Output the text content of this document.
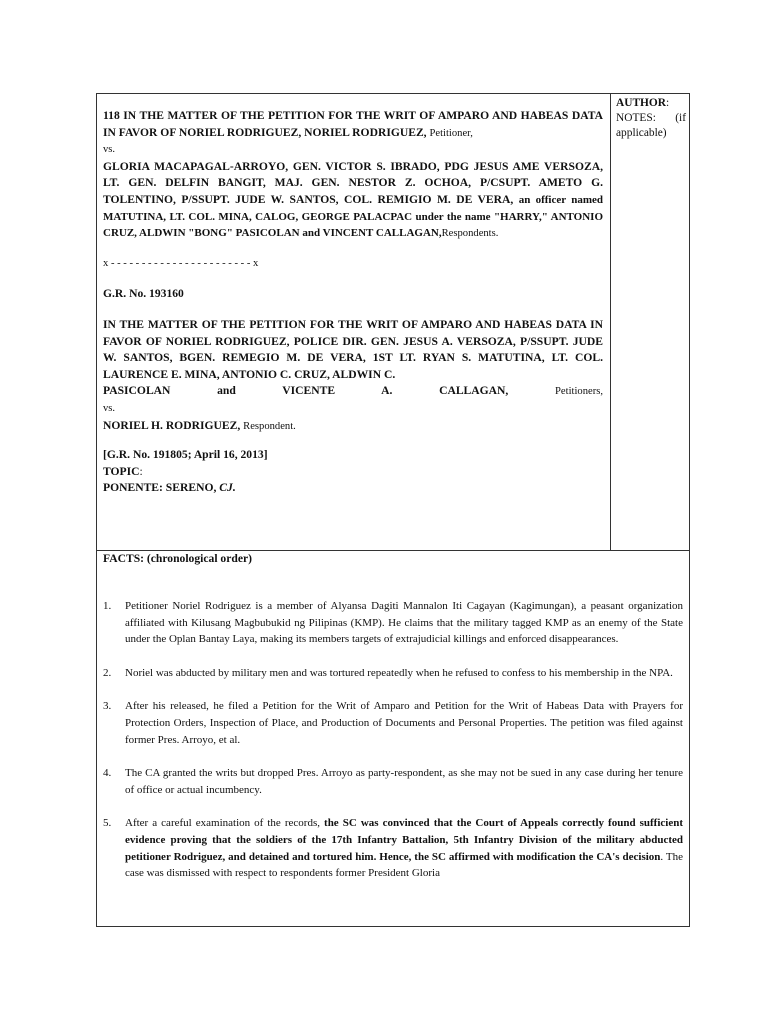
118 IN THE MATTER OF THE PETITION FOR THE WRIT OF AMPARO AND HABEAS DATA IN FAVOR OF NORIEL RODRIGUEZ, NORIEL RODRIGUEZ, Petitioner,

vs.

GLORIA MACAPAGAL-ARROYO, GEN. VICTOR S. IBRADO, PDG JESUS AME VERSOZA, LT. GEN. DELFIN BANGIT, MAJ. GEN. NESTOR Z. OCHOA, P/CSUPT. AMETO G. TOLENTINO, P/SSUPT. JUDE W. SANTOS, COL. REMIGIO M. DE VERA, an officer named MATUTINA, LT. COL. MINA, CALOG, GEORGE PALACPAC under the name "HARRY," ANTONIO CRUZ, ALDWIN "BONG" PASICOLAN and VINCENT CALLAGAN,Respondents.

x - - - - - - - - - - - - - - - - - - - - - - - x

G.R. No. 193160

IN THE MATTER OF THE PETITION FOR THE WRIT OF AMPARO AND HABEAS DATA IN FAVOR OF NORIEL RODRIGUEZ, POLICE DIR. GEN. JESUS A. VERSOZA, P/SSUPT. JUDE W. SANTOS, BGEN. REMEGIO M. DE VERA, 1ST LT. RYAN S. MATUTINA, LT. COL. LAURENCE E. MINA, ANTONIO C. CRUZ, ALDWIN C.

PASICOLAN and VICENTE A. CALLAGAN,	Petitioners,

vs.

NORIEL H. RODRIGUEZ, Respondent.

[G.R. No. 191805; April 16, 2013]

TOPIC:

PONENTE: SERENO, CJ.

AUTHOR:

NOTES: (if

applicable)

FACTS: (chronological order)
1. Petitioner Noriel Rodriguez is a member of Alyansa Dagiti Mannalon Iti Cagayan (Kagimungan), a peasant organization affiliated with Kilusang Magbubukid ng Pilipinas (KMP). He claims that the military tagged KMP as an enemy of the State under the Oplan Bantay Laya, making its members targets of extrajudicial killings and enforced disappearances.
2. Noriel was abducted by military men and was tortured repeatedly when he refused to confess to his membership in the NPA.
3. After his released, he filed a Petition for the Writ of Amparo and Petition for the Writ of Habeas Data with Prayers for Protection Orders, Inspection of Place, and Production of Documents and Personal Properties. The petition was filed against former Pres. Arroyo, et al.
4. The CA granted the writs but dropped Pres. Arroyo as party-respondent, as she may not be sued in any case during her tenure of office or actual incumbency.
5. After a careful examination of the records, the SC was convinced that the Court of Appeals correctly found sufficient evidence proving that the soldiers of the 17th Infantry Battalion, 5th Infantry Division of the military abducted petitioner Rodriguez, and detained and tortured him. Hence, the SC affirmed with modification the CA's decision. The case was dismissed with respect to respondents former President Gloria
